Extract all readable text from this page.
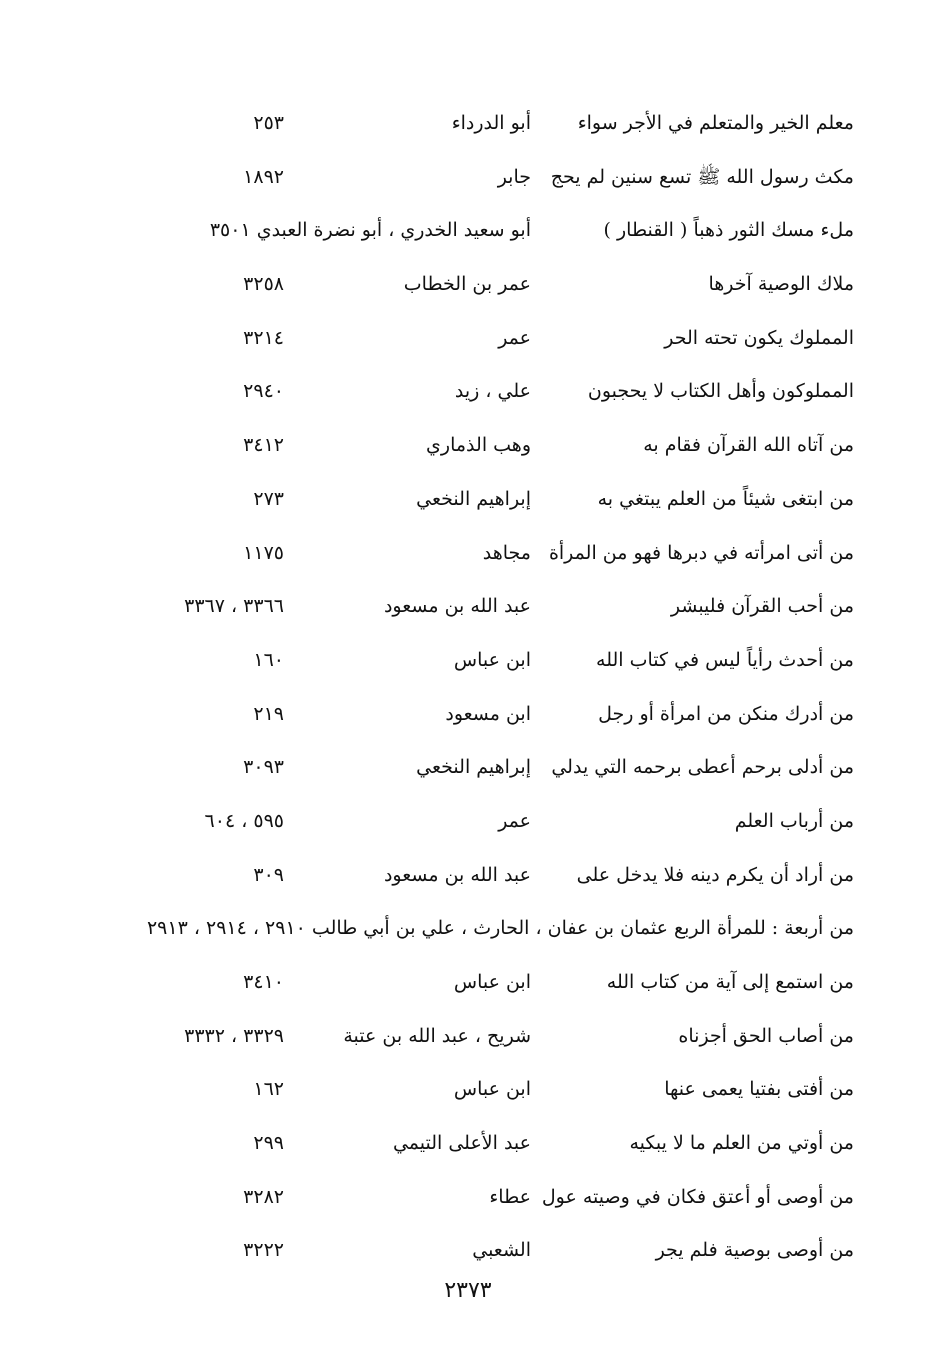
معلم الخير والمتعلم في الأجر سواء
أبو الدرداء
٢٥٣
مكث رسول الله ﷺ تسع سنين لم يحج
جابر
١٨٩٢
ملء مسك الثور ذهباً ( القنطار )
أبو سعيد الخدري ، أبو نضرة العبدي ٣٥٠١
ملاك الوصية آخرها
عمر بن الخطاب
٣٢٥٨
المملوك يكون تحته الحر
عمر
٣٢١٤
المملوكون وأهل الكتاب لا يحجبون
علي ، زيد
٢٩٤٠
من آتاه الله القرآن فقام به
وهب الذماري
٣٤١٢
من ابتغى شيئاً من العلم يبتغي به
إبراهيم النخعي
٢٧٣
من أتى امرأته في دبرها فهو من المرأة
مجاهد
١١٧٥
من أحب القرآن فليبشر
عبد الله بن مسعود
٣٣٦٦ ، ٣٣٦٧
من أحدث رأياً ليس في كتاب الله
ابن عباس
١٦٠
من أدرك منكن من امرأة أو رجل
ابن مسعود
٢١٩
من أدلى برحم أعطى برحمه التي يدلي
إبراهيم النخعي
٣٠٩٣
من أرباب العلم
عمر
٥٩٥ ، ٦٠٤
من أراد أن يكرم دينه فلا يدخل على
عبد الله بن مسعود
٣٠٩
من أربعة : للمرأة الربع عثمان بن عفان ، الحارث ، علي بن أبي طالب ٢٩١٠ ، ٢٩١٤ ، ٢٩١٣
من استمع إلى آية من كتاب الله
ابن عباس
٣٤١٠
من أصاب الحق أجزناه
شريح ، عبد الله بن عتبة
٣٣٢٩ ، ٣٣٣٢
من أفتى بفتيا يعمى عنها
ابن عباس
١٦٢
من أوتي من العلم ما لا يبكيه
عبد الأعلى التيمي
٢٩٩
من أوصى أو أعتق فكان في وصيته عول
عطاء
٣٢٨٢
من أوصى بوصية فلم يجر
الشعبي
٣٢٢٢
٢٣٧٣
